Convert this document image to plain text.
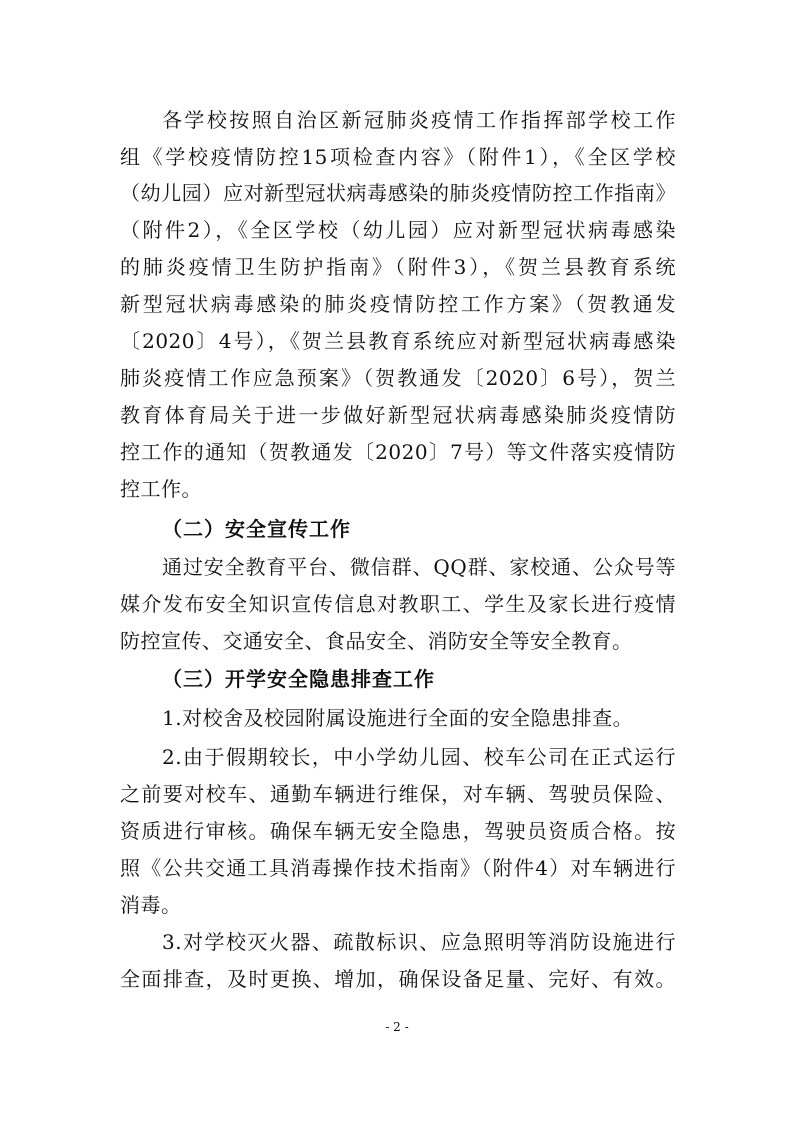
各学校按照自治区新冠肺炎疫情工作指挥部学校工作
组《学校疫情防控15项检查内容》（附件1），《全区学校
（幼儿园）应对新型冠状病毒感染的肺炎疫情防控工作指南》
（附件2），《全区学校（幼儿园）应对新型冠状病毒感染
的肺炎疫情卫生防护指南》（附件3），《贺兰县教育系统
新型冠状病毒感染的肺炎疫情防控工作方案》（贺教通发
〔2020〕4号），《贺兰县教育系统应对新型冠状病毒感染
肺炎疫情工作应急预案》（贺教通发〔2020〕6号），贺兰
教育体育局关于进一步做好新型冠状病毒感染肺炎疫情防
控工作的通知（贺教通发〔2020〕7号）等文件落实疫情防
控工作。
（二）安全宣传工作
通过安全教育平台、微信群、QQ群、家校通、公众号等
媒介发布安全知识宣传信息对教职工、学生及家长进行疫情
防控宣传、交通安全、食品安全、消防安全等安全教育。
（三）开学安全隐患排查工作
1.对校舍及校园附属设施进行全面的安全隐患排查。
2.由于假期较长，中小学幼儿园、校车公司在正式运行
之前要对校车、通勤车辆进行维保，对车辆、驾驶员保险、
资质进行审核。确保车辆无安全隐患，驾驶员资质合格。按
照《公共交通工具消毒操作技术指南》（附件4）对车辆进行
消毒。
3.对学校灭火器、疏散标识、应急照明等消防设施进行
全面排查，及时更换、增加，确保设备足量、完好、有效。
- 2 -
